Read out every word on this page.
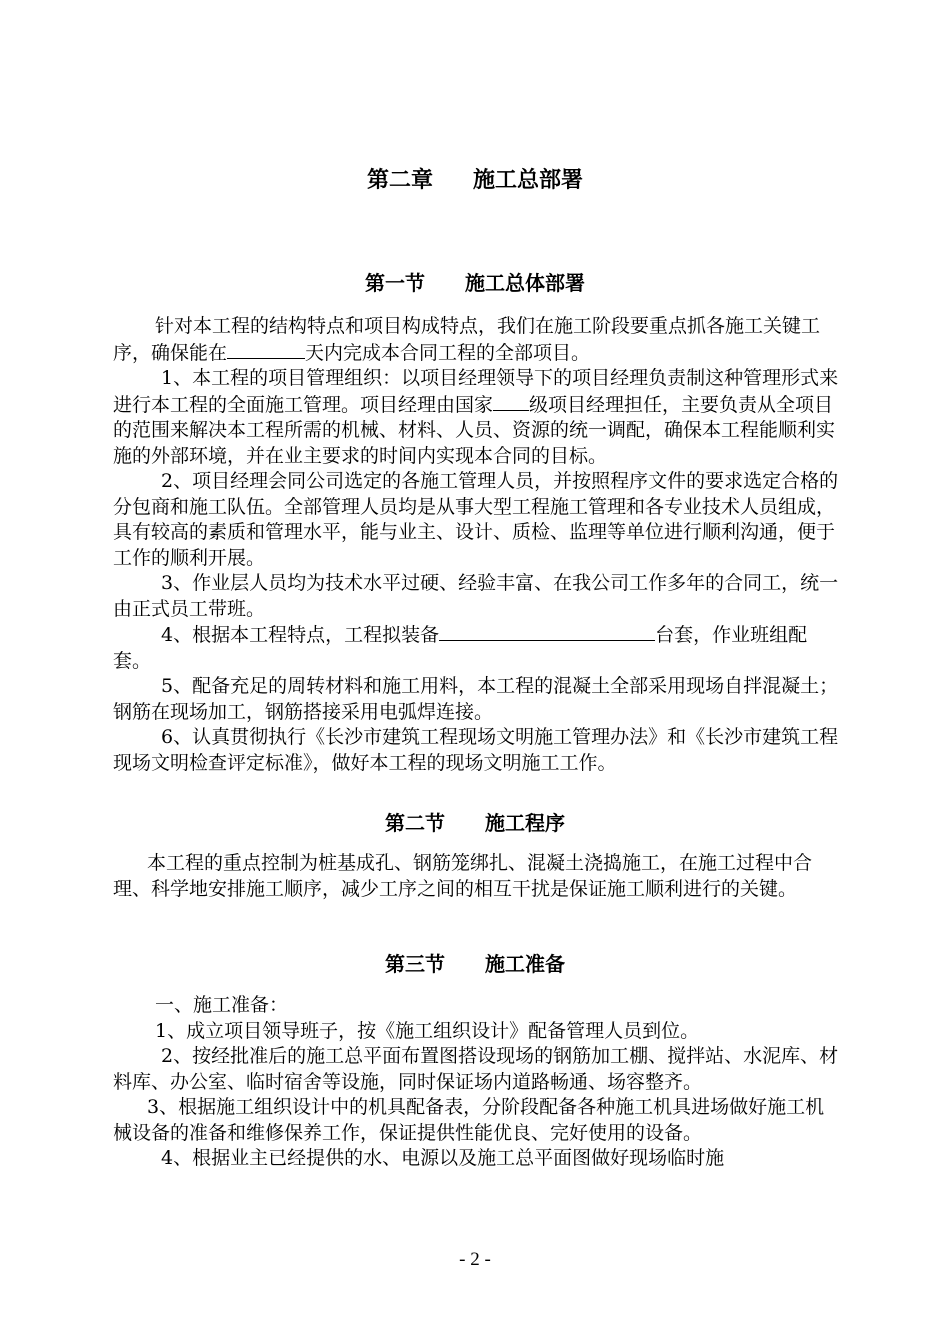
第二章 施工总部署
第一节 施工总体部署

针对本工程的结构特点和项目构成特点，我们在施工阶段要重点抓各施工关键工序，确保能在	天内完成本合同工程的全部项目。

1、本工程的项目管理组织：以项目经理领导下的项目经理负责制这种管理形式来进行本工程的全面施工管理。项目经理由国家 级项目经理担任，主要负责从全项目的范围来解决本工程所需的机械、材料、人员、资源的统一调配，确保本工程能顺利实施的外部环境，并在业主要求的时间内实现本合同的目标。

2、项目经理会同公司选定的各施工管理人员，并按照程序文件的要求选定合格的分包商和施工队伍。全部管理人员均是从事大型工程施工管理和各专业技术人员组成，具有较高的素质和管理水平，能与业主、设计、质检、监理等单位进行顺利沟通，便于工作的顺利开展。

3、作业层人员均为技术水平过硬、经验丰富、在我公司工作多年的合同工，统一由正式员工带班。

4、根据本工程特点，工程拟装备	台套，作业班组配套。

5、配备充足的周转材料和施工用料，本工程的混凝土全部采用现场自拌混凝土；钢筋在现场加工，钢筋搭接采用电弧焊连接。

6、认真贯彻执行《长沙市建筑工程现场文明施工管理办法》和《长沙市建筑工程现场文明检查评定标准》，做好本工程的现场文明施工工作。

第二节 施工程序

本工程的重点控制为桩基成孔、钢筋笼绑扎、混凝土浇捣施工，在施工过程中合理、科学地安排施工顺序，减少工序之间的相互干扰是保证施工顺利进行的关键。

第三节 施工准备

一、施工准备：

1、成立项目领导班子，按《施工组织设计》配备管理人员到位。

2、按经批准后的施工总平面布置图搭设现场的钢筋加工棚、搅拌站、水泥库、材料库、办公室、临时宿舍等设施，同时保证场内道路畅通、场容整齐。

3、根据施工组织设计中的机具配备表，分阶段配备各种施工机具进场做好施工机械设备的准备和维修保养工作，保证提供性能优良、完好使用的设备。

4、根据业主已经提供的水、电源以及施工总平面图做好现场临时施

- 2 -
